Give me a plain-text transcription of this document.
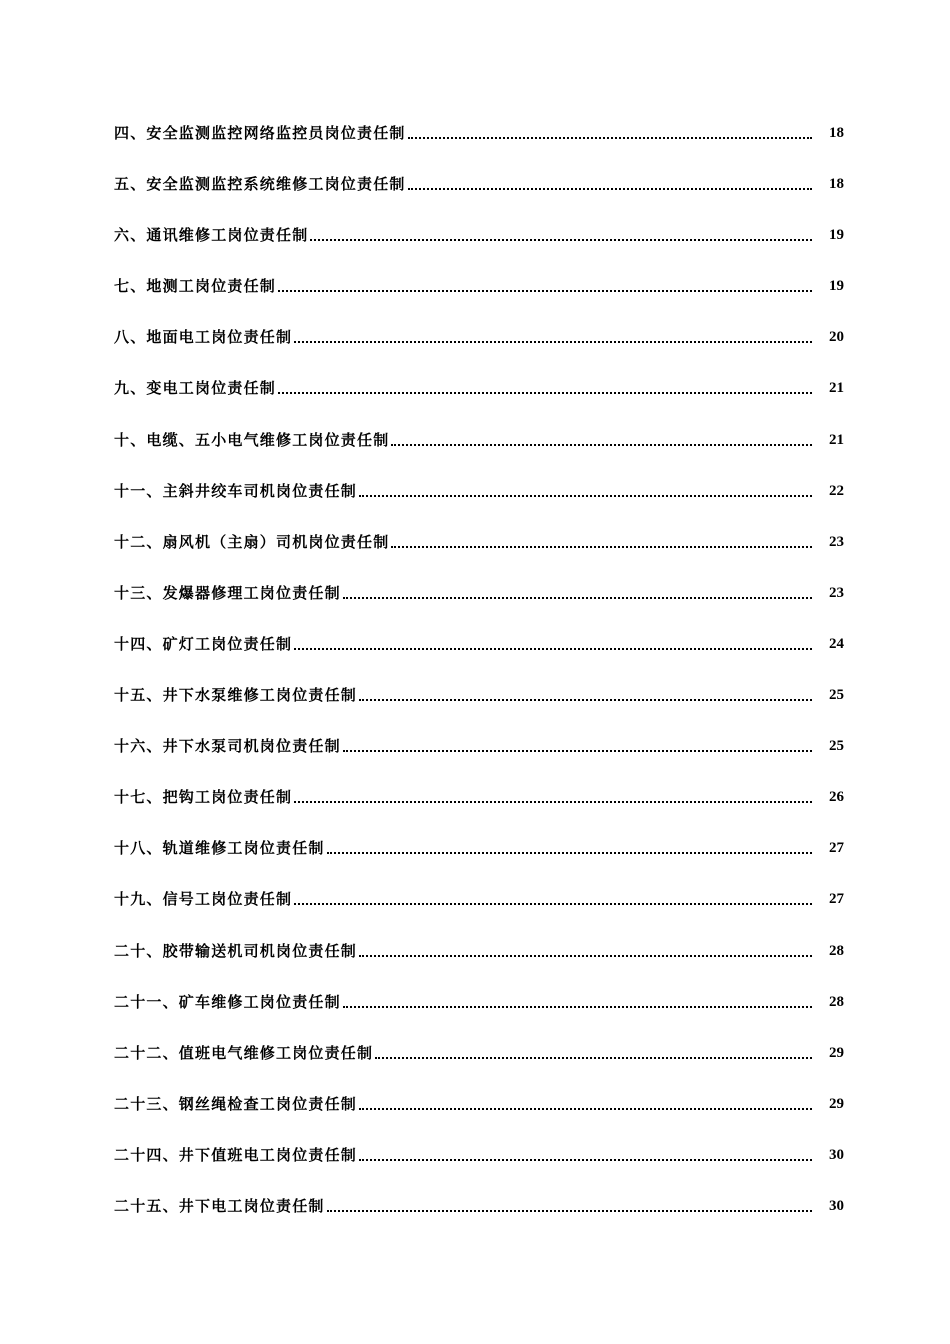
四、安全监测监控网络监控员岗位责任制	18
五、安全监测监控系统维修工岗位责任制	18
六、通讯维修工岗位责任制	19
七、地测工岗位责任制	19
八、地面电工岗位责任制	20
九、变电工岗位责任制	21
十、电缆、五小电气维修工岗位责任制	21
十一、主斜井绞车司机岗位责任制	22
十二、扇风机（主扇）司机岗位责任制	23
十三、发爆器修理工岗位责任制	23
十四、矿灯工岗位责任制	24
十五、井下水泵维修工岗位责任制	25
十六、井下水泵司机岗位责任制	25
十七、把钩工岗位责任制	26
十八、轨道维修工岗位责任制	27
十九、信号工岗位责任制	27
二十、胶带输送机司机岗位责任制	28
二十一、矿车维修工岗位责任制	28
二十二、值班电气维修工岗位责任制	29
二十三、钢丝绳检查工岗位责任制	29
二十四、井下值班电工岗位责任制	30
二十五、井下电工岗位责任制	30
